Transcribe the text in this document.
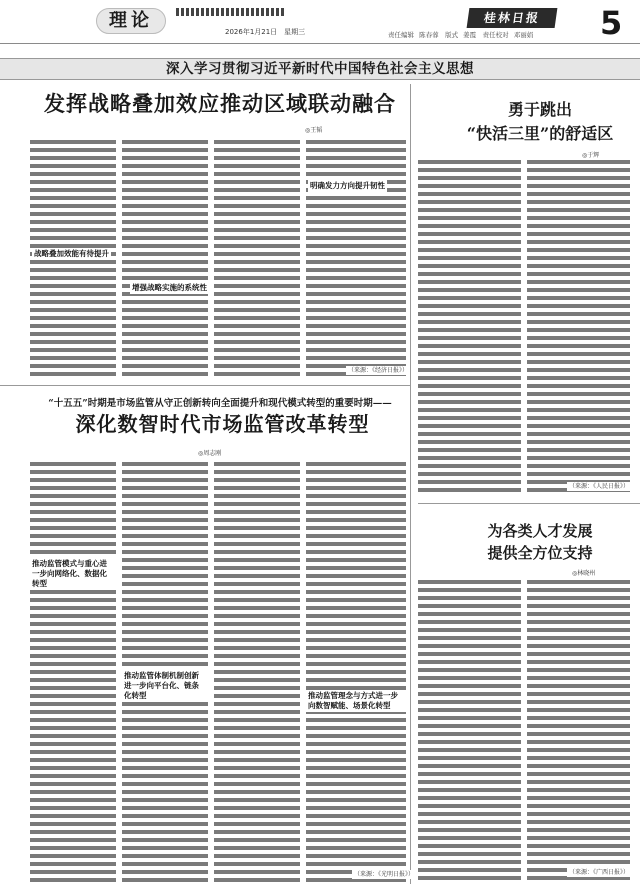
理论
2026年1月21日　星期三
桂林日报
责任编辑 陈春蓉　版式 姜霞　责任校对 邓丽娟 5
深入学习贯彻习近平新时代中国特色社会主义思想
发挥战略叠加效应推动区域联动融合
◎王韬
战略叠加效能有待提升
增强战略实施的系统性
明确发力方向提升韧性
（来源：《经济日报》）
勇于跳出
“快活三里”的舒适区
◎于辉
（来源：《人民日报》）
“十五五”时期是市场监管从守正创新转向全面提升和现代模式转型的重要时期——
深化数智时代市场监管改革转型
◎周志刚
推动监管模式与重心进一步向网络化、数据化转型
推动监管体制机制创新进一步向平台化、链条化转型	推动监管理念与方式进一步向数智赋能、场景化转型
（来源：《光明日报》）
为各类人才发展
提供全方位支持
◎林晓州
（来源：《广西日报》）
